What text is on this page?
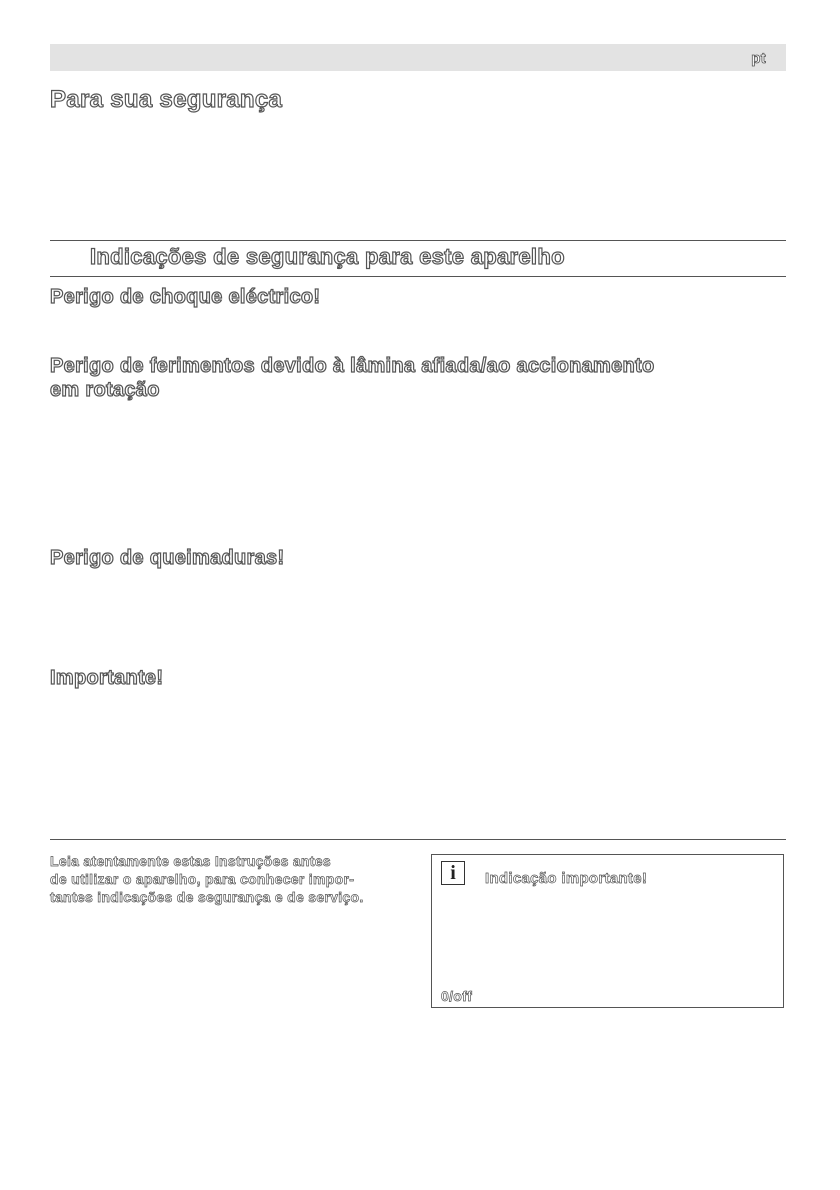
pt
Para sua segurança
Indicações de segurança para este aparelho
Perigo de choque eléctrico!
Perigo de ferimentos devido à lâmina afiada/ao accionamento
em rotação
Perigo de queimaduras!
Importante!
Leia atentamente estas Instruções antes
de utilizar o aparelho, para conhecer impor-
tantes indicações de segurança e de serviço.
i	Indicação importante!
0/off
